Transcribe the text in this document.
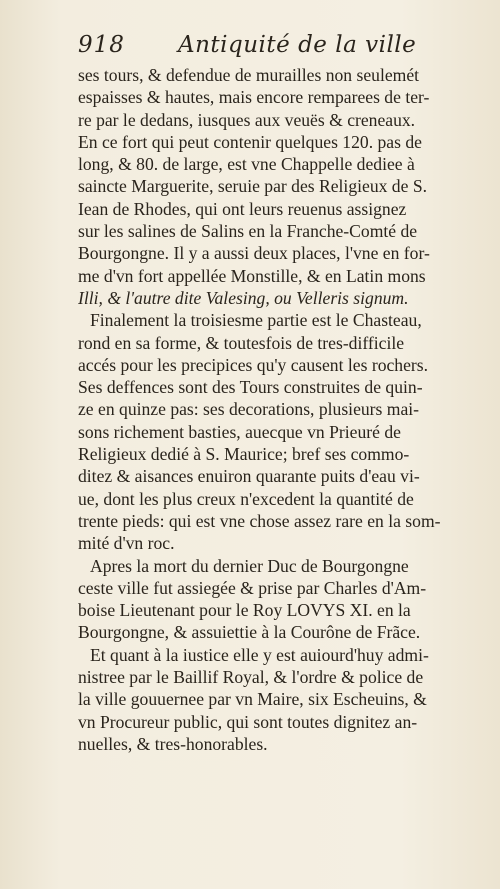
918 Antiquité de la ville
ses tours, & defendue de murailles non seulemét
espaisses & hautes, mais encore remparees de ter-
re par le dedans, iusques aux veuës & creneaux.
En ce fort qui peut contenir quelques 120. pas de
long, & 80. de large, est vne Chappelle dediee à
saincte Marguerite, seruie par des Religieux de S.
Iean de Rhodes, qui ont leurs reuenus assignez
sur les salines de Salins en la Franche-Comté de
Bourgongne. Il y a aussi deux places, l'vne en for-
me d'vn fort appellée Monstille, & en Latin mons
Illi, & l'autre dite Valesing, ou Velleris signum.
Finalement la troisiesme partie est le Chasteau,
rond en sa forme, & toutesfois de tres-difficile
accés pour les precipices qu'y causent les rochers.
Ses deffences sont des Tours construites de quin-
ze en quinze pas: ses decorations, plusieurs mai-
sons richement basties, auecque vn Prieuré de
Religieux dedié à S. Maurice; bref ses commo-
ditez & aisances enuiron quarante puits d'eau vi-
ue, dont les plus creux n'excedent la quantité de
trente pieds: qui est vne chose assez rare en la som-
mité d'vn roc.
Apres la mort du dernier Duc de Bourgongne
ceste ville fut assiegée & prise par Charles d'Am-
boise Lieutenant pour le Roy LOVYS XI. en la
Bourgongne, & assuiettie à la Courône de Frãce.
Et quant à la iustice elle y est auiourd'huy admi-
nistree par le Baillif Royal, & l'ordre & police de
la ville gouuernee par vn Maire, six Escheuins, &
vn Procureur public, qui sont toutes dignitez an-
nuelles, & tres-honorables.
